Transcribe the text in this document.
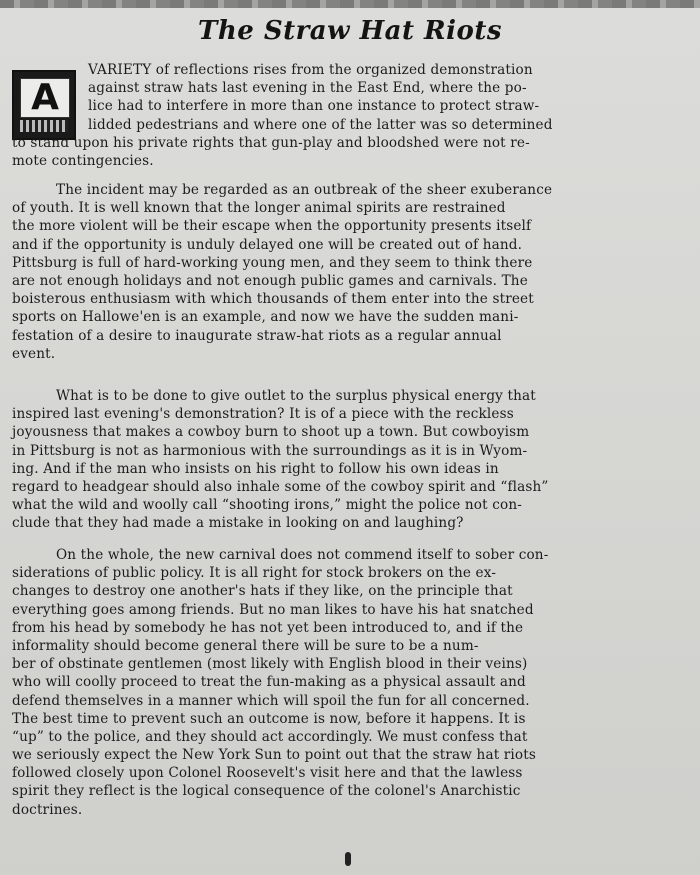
The Straw Hat Riots
A
VARIETY of reflections rises from the organized demonstration
against straw hats last evening in the East End, where the po-
lice had to interfere in more than one instance to protect straw-
lidded pedestrians and where one of the latter was so determined
to stand upon his private rights that gun-play and bloodshed were not re-
mote contingencies.
The incident may be regarded as an outbreak of the sheer exuberance
of youth. It is well known that the longer animal spirits are restrained
the more violent will be their escape when the opportunity presents itself
and if the opportunity is unduly delayed one will be created out of hand.
Pittsburg is full of hard-working young men, and they seem to think there
are not enough holidays and not enough public games and carnivals. The
boisterous enthusiasm with which thousands of them enter into the street
sports on Hallowe'en is an example, and now we have the sudden mani-
festation of a desire to inaugurate straw-hat riots as a regular annual
event.
What is to be done to give outlet to the surplus physical energy that
inspired last evening's demonstration? It is of a piece with the reckless
joyousness that makes a cowboy burn to shoot up a town. But cowboyism
in Pittsburg is not as harmonious with the surroundings as it is in Wyom-
ing. And if the man who insists on his right to follow his own ideas in
regard to headgear should also inhale some of the cowboy spirit and “flash”
what the wild and woolly call “shooting irons,” might the police not con-
clude that they had made a mistake in looking on and laughing?
On the whole, the new carnival does not commend itself to sober con-
siderations of public policy. It is all right for stock brokers on the ex-
changes to destroy one another's hats if they like, on the principle that
everything goes among friends. But no man likes to have his hat snatched
from his head by somebody he has not yet been introduced to, and if the
informality should become general there will be sure to be a num-
ber of obstinate gentlemen (most likely with English blood in their veins)
who will coolly proceed to treat the fun-making as a physical assault and
defend themselves in a manner which will spoil the fun for all concerned.
The best time to prevent such an outcome is now, before it happens. It is
“up” to the police, and they should act accordingly. We must confess that
we seriously expect the New York Sun to point out that the straw hat riots
followed closely upon Colonel Roosevelt's visit here and that the lawless
spirit they reflect is the logical consequence of the colonel's Anarchistic
doctrines.
